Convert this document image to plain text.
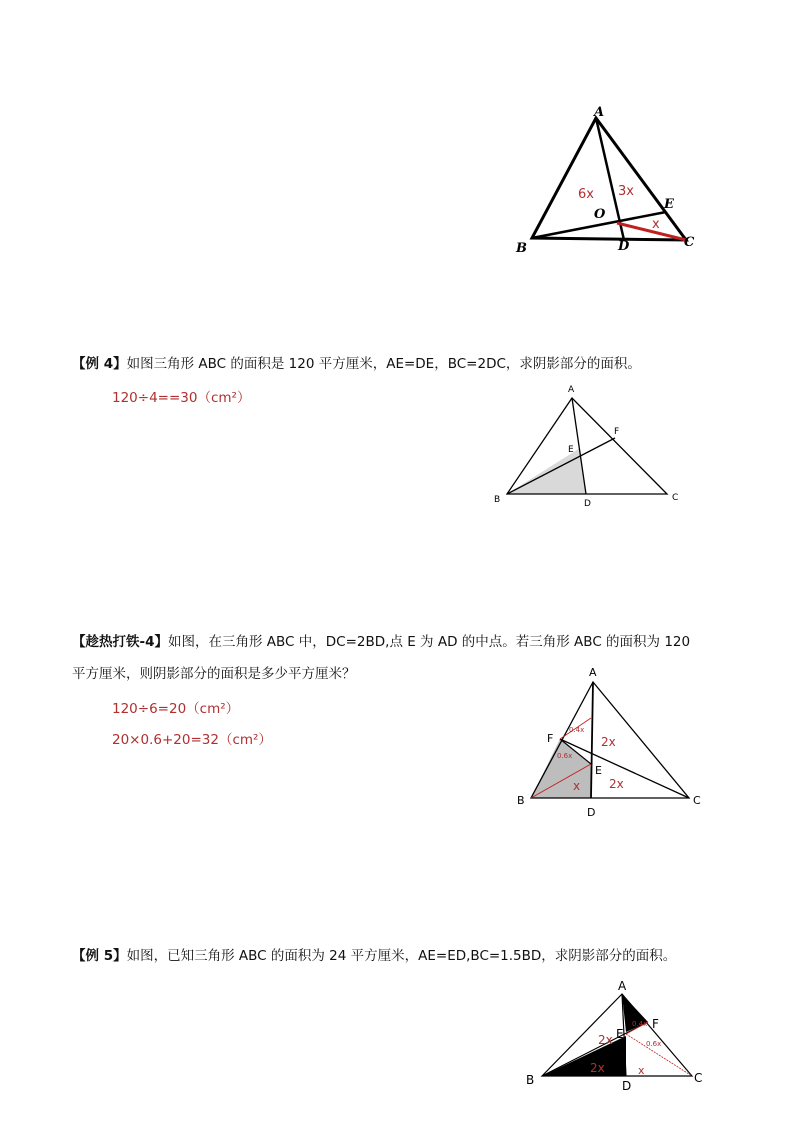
A
B	C
D
E
O
6x 3x
x
【例 4】如图三角形 ABC 的面积是 120 平方厘米，AE=DE，BC=2DC，求阴影部分的面积。
120÷4==30（cm²）	A
B	C
D
E
F
【趁热打铁-4】如图，在三角形 ABC 中，DC=2BD,点 E 为 AD 的中点。若三角形 ABC 的面积为 120
平方厘米，则阴影部分的面积是多少平方厘米？
120÷6=20（cm²）
20×0.6+20=32（cm²）
A
B	C
D
E
F
0.4x
2x
2x
0.6x
x
【例 5】如图，已知三角形 ABC 的面积为 24 平方厘米，AE=ED,BC=1.5BD，求阴影部分的面积。
A
B	C
D
E
F
2x
2x	x
0.4x
0.6x
